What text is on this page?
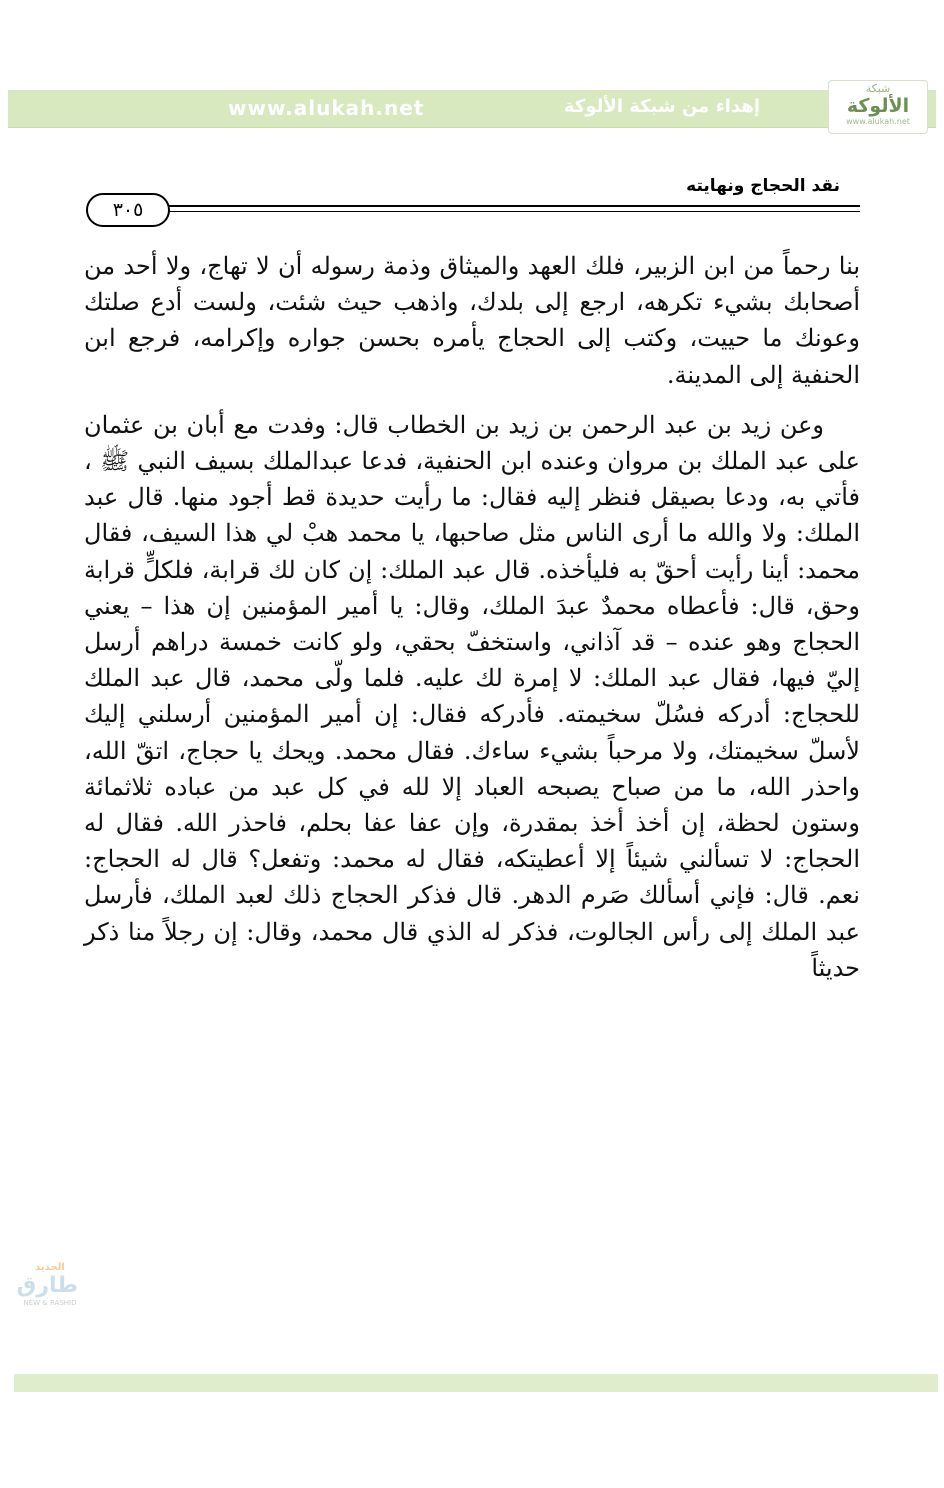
www.alukah.net	إهداء من شبكة الألوكة
شبكة
الألوكة
www.alukah.net
نقد الحجاج ونهايته
٣٠٥

بنا رحماً من ابن الزبير، فلك العهد والميثاق وذمة رسوله أن لا تهاج، ولا أحد من أصحابك بشيء تكرهه، ارجع إلى بلدك، واذهب حيث شئت، ولست أدع صلتك وعونك ما حييت، وكتب إلى الحجاج يأمره بحسن جواره وإكرامه، فرجع ابن الحنفية إلى المدينة.

وعن زيد بن عبد الرحمن بن زيد بن الخطاب قال: وفدت مع أبان بن عثمان على عبد الملك بن مروان وعنده ابن الحنفية، فدعا عبدالملك بسيف النبي ﷺ ، فأتي به، ودعا بصيقل فنظر إليه فقال: ما رأيت حديدة قط أجود منها. قال عبد الملك: ولا والله ما أرى الناس مثل صاحبها، يا محمد هبْ لي هذا السيف، فقال محمد: أينا رأيت أحقّ به فليأخذه. قال عبد الملك: إن كان لك قرابة، فلكلٍّ قرابة وحق، قال: فأعطاه محمدٌ عبدَ الملك، وقال: يا أمير المؤمنين إن هذا – يعني الحجاج وهو عنده – قد آذاني، واستخفّ بحقي، ولو كانت خمسة دراهم أرسل إليّ فيها، فقال عبد الملك: لا إمرة لك عليه. فلما ولّى محمد، قال عبد الملك للحجاج: أدركه فسُلّ سخيمته. فأدركه فقال: إن أمير المؤمنين أرسلني إليك لأسلّ سخيمتك، ولا مرحباً بشيء ساءك. فقال محمد. ويحك يا حجاج، اتقّ الله، واحذر الله، ما من صباح يصبحه العباد إلا لله في كل عبد من عباده ثلاثمائة وستون لحظة، إن أخذ أخذ بمقدرة، وإن عفا عفا بحلم، فاحذر الله. فقال له الحجاج: لا تسألني شيئاً إلا أعطيتكه، فقال له محمد: وتفعل؟ قال له الحجاج: نعم. قال: فإني أسألك صَرم الدهر. قال فذكر الحجاج ذلك لعبد الملك، فأرسل عبد الملك إلى رأس الجالوت، فذكر له الذي قال محمد، وقال: إن رجلاً منا ذكر حديثاً

الجديد
طارق
NEW & RASHID
